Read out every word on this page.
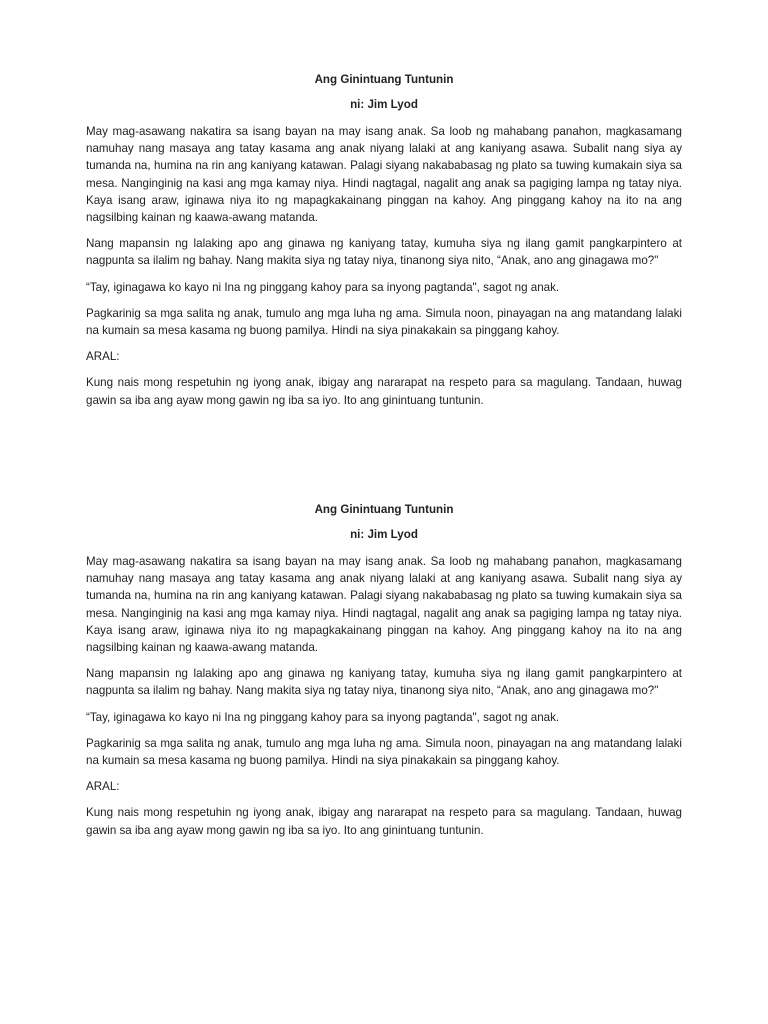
Ang Ginintuang Tuntunin

ni: Jim Lyod

May mag-asawang nakatira sa isang bayan na may isang anak. Sa loob ng mahabang panahon, magkasamang namuhay nang masaya ang tatay kasama ang anak niyang lalaki at ang kaniyang asawa. Subalit nang siya ay tumanda na, humina na rin ang kaniyang katawan. Palagi siyang nakababasag ng plato sa tuwing kumakain siya sa mesa. Nanginginig na kasi ang mga kamay niya. Hindi nagtagal, nagalit ang anak sa pagiging lampa ng tatay niya. Kaya isang araw, iginawa niya ito ng mapagkakainang pinggan na kahoy. Ang pinggang kahoy na ito na ang nagsilbing kainan ng kaawa-awang matanda.

Nang mapansin ng lalaking apo ang ginawa ng kaniyang tatay, kumuha siya ng ilang gamit pangkarpintero at nagpunta sa ilalim ng bahay. Nang makita siya ng tatay niya, tinanong siya nito, “Anak, ano ang ginagawa mo?"

“Tay, iginagawa ko kayo ni Ina ng pinggang kahoy para sa inyong pagtanda", sagot ng anak.

Pagkarinig sa mga salita ng anak, tumulo ang mga luha ng ama. Simula noon, pinayagan na ang matandang lalaki na kumain sa mesa kasama ng buong pamilya. Hindi na siya pinakakain sa pinggang kahoy.

ARAL:

Kung nais mong respetuhin ng iyong anak, ibigay ang nararapat na respeto para sa magulang. Tandaan, huwag gawin sa iba ang ayaw mong gawin ng iba sa iyo. Ito ang ginintuang tuntunin.

Ang Ginintuang Tuntunin

ni: Jim Lyod

May mag-asawang nakatira sa isang bayan na may isang anak. Sa loob ng mahabang panahon, magkasamang namuhay nang masaya ang tatay kasama ang anak niyang lalaki at ang kaniyang asawa. Subalit nang siya ay tumanda na, humina na rin ang kaniyang katawan. Palagi siyang nakababasag ng plato sa tuwing kumakain siya sa mesa. Nanginginig na kasi ang mga kamay niya. Hindi nagtagal, nagalit ang anak sa pagiging lampa ng tatay niya. Kaya isang araw, iginawa niya ito ng mapagkakainang pinggan na kahoy. Ang pinggang kahoy na ito na ang nagsilbing kainan ng kaawa-awang matanda.

Nang mapansin ng lalaking apo ang ginawa ng kaniyang tatay, kumuha siya ng ilang gamit pangkarpintero at nagpunta sa ilalim ng bahay. Nang makita siya ng tatay niya, tinanong siya nito, “Anak, ano ang ginagawa mo?"

“Tay, iginagawa ko kayo ni Ina ng pinggang kahoy para sa inyong pagtanda", sagot ng anak.

Pagkarinig sa mga salita ng anak, tumulo ang mga luha ng ama. Simula noon, pinayagan na ang matandang lalaki na kumain sa mesa kasama ng buong pamilya. Hindi na siya pinakakain sa pinggang kahoy.

ARAL:

Kung nais mong respetuhin ng iyong anak, ibigay ang nararapat na respeto para sa magulang. Tandaan, huwag gawin sa iba ang ayaw mong gawin ng iba sa iyo. Ito ang ginintuang tuntunin.
